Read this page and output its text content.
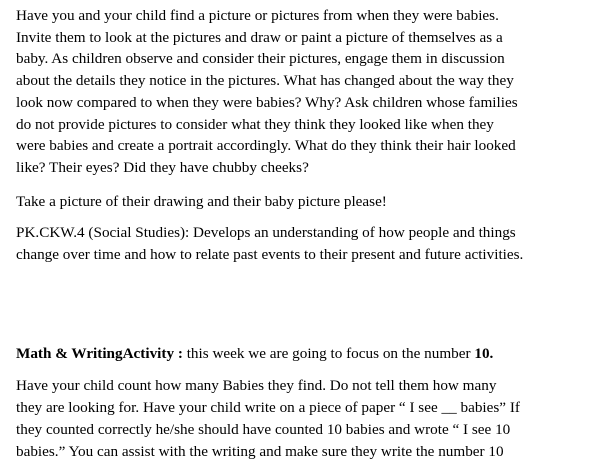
Have you and your child find a picture or pictures from when they were babies.
Invite them to look at the pictures and draw or paint a picture of themselves as a
baby. As children observe and consider their pictures, engage them in discussion
about the details they notice in the pictures. What has changed about the way they
look now compared to when they were babies? Why? Ask children whose families
do not provide pictures to consider what they think they looked like when they
were babies and create a portrait accordingly. What do they think their hair looked
like? Their eyes? Did they have chubby cheeks?

Take a picture of their drawing and their baby picture please!

PK.CKW.4 (Social Studies): Develops an understanding of how people and things
change over time and how to relate past events to their present and future activities.

Math & WritingActivity : this week we are going to focus on the number 10.

Have your child count how many Babies they find. Do not tell them how many
they are looking for. Have your child write on a piece of paper “ I see __ babies” If
they counted correctly he/she should have counted 10 babies and wrote “ I see 10
babies.” You can assist with the writing and make sure they write the number 10
